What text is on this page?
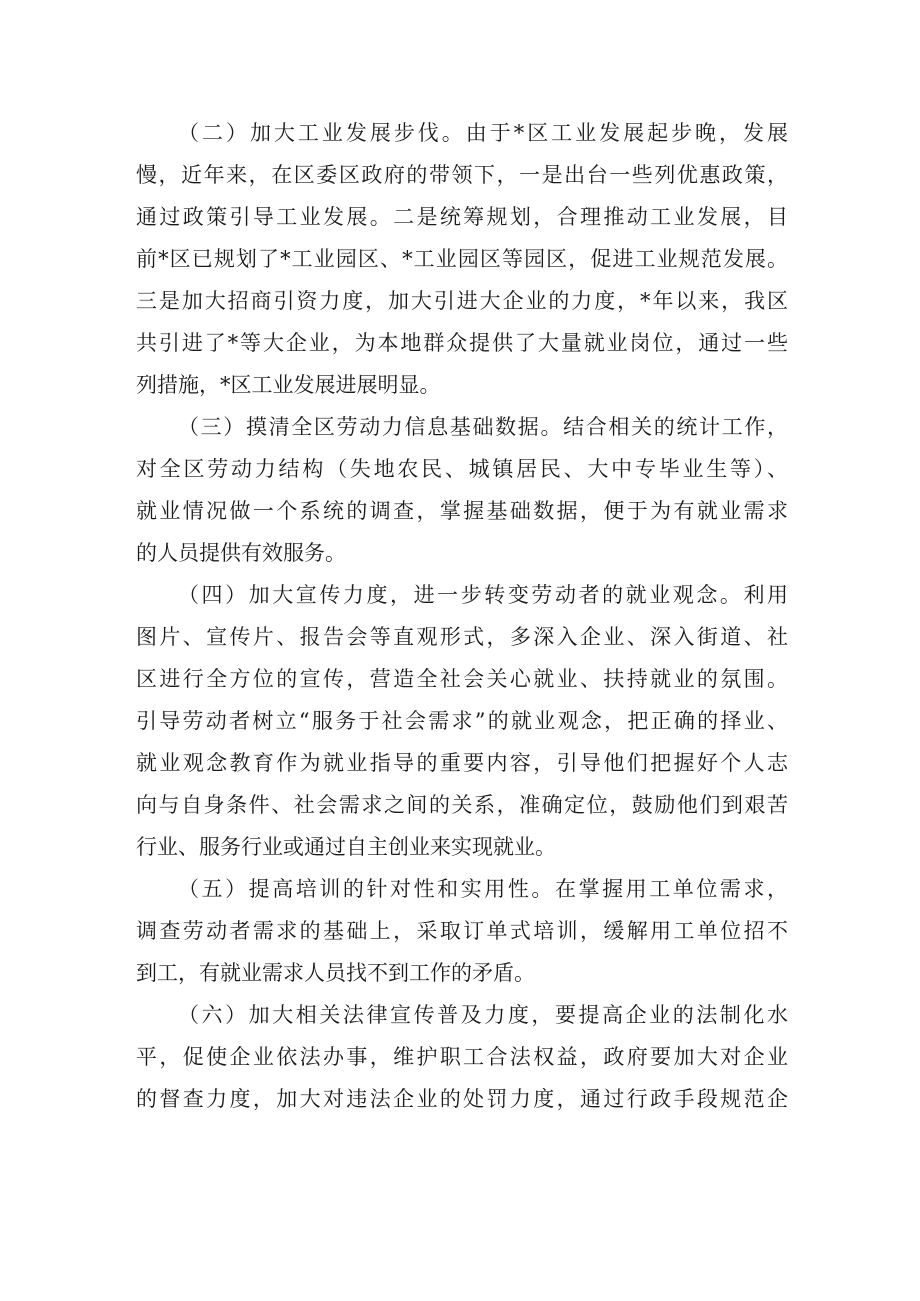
（二）加大工业发展步伐。由于*区工业发展起步晚，发展
慢，近年来，在区委区政府的带领下，一是出台一些列优惠政策，
通过政策引导工业发展。二是统筹规划，合理推动工业发展，目
前*区已规划了*工业园区、*工业园区等园区，促进工业规范发展。
三是加大招商引资力度，加大引进大企业的力度，*年以来，我区
共引进了*等大企业，为本地群众提供了大量就业岗位，通过一些
列措施，*区工业发展进展明显。
（三）摸清全区劳动力信息基础数据。结合相关的统计工作，
对全区劳动力结构（失地农民、城镇居民、大中专毕业生等）、
就业情况做一个系统的调查，掌握基础数据，便于为有就业需求
的人员提供有效服务。
（四）加大宣传力度，进一步转变劳动者的就业观念。利用
图片、宣传片、报告会等直观形式，多深入企业、深入街道、社
区进行全方位的宣传，营造全社会关心就业、扶持就业的氛围。
引导劳动者树立“服务于社会需求”的就业观念，把正确的择业、
就业观念教育作为就业指导的重要内容，引导他们把握好个人志
向与自身条件、社会需求之间的关系，准确定位，鼓励他们到艰苦
行业、服务行业或通过自主创业来实现就业。
（五）提高培训的针对性和实用性。在掌握用工单位需求，
调查劳动者需求的基础上，采取订单式培训，缓解用工单位招不
到工，有就业需求人员找不到工作的矛盾。
（六）加大相关法律宣传普及力度，要提高企业的法制化水
平，促使企业依法办事，维护职工合法权益，政府要加大对企业
的督查力度，加大对违法企业的处罚力度，通过行政手段规范企
